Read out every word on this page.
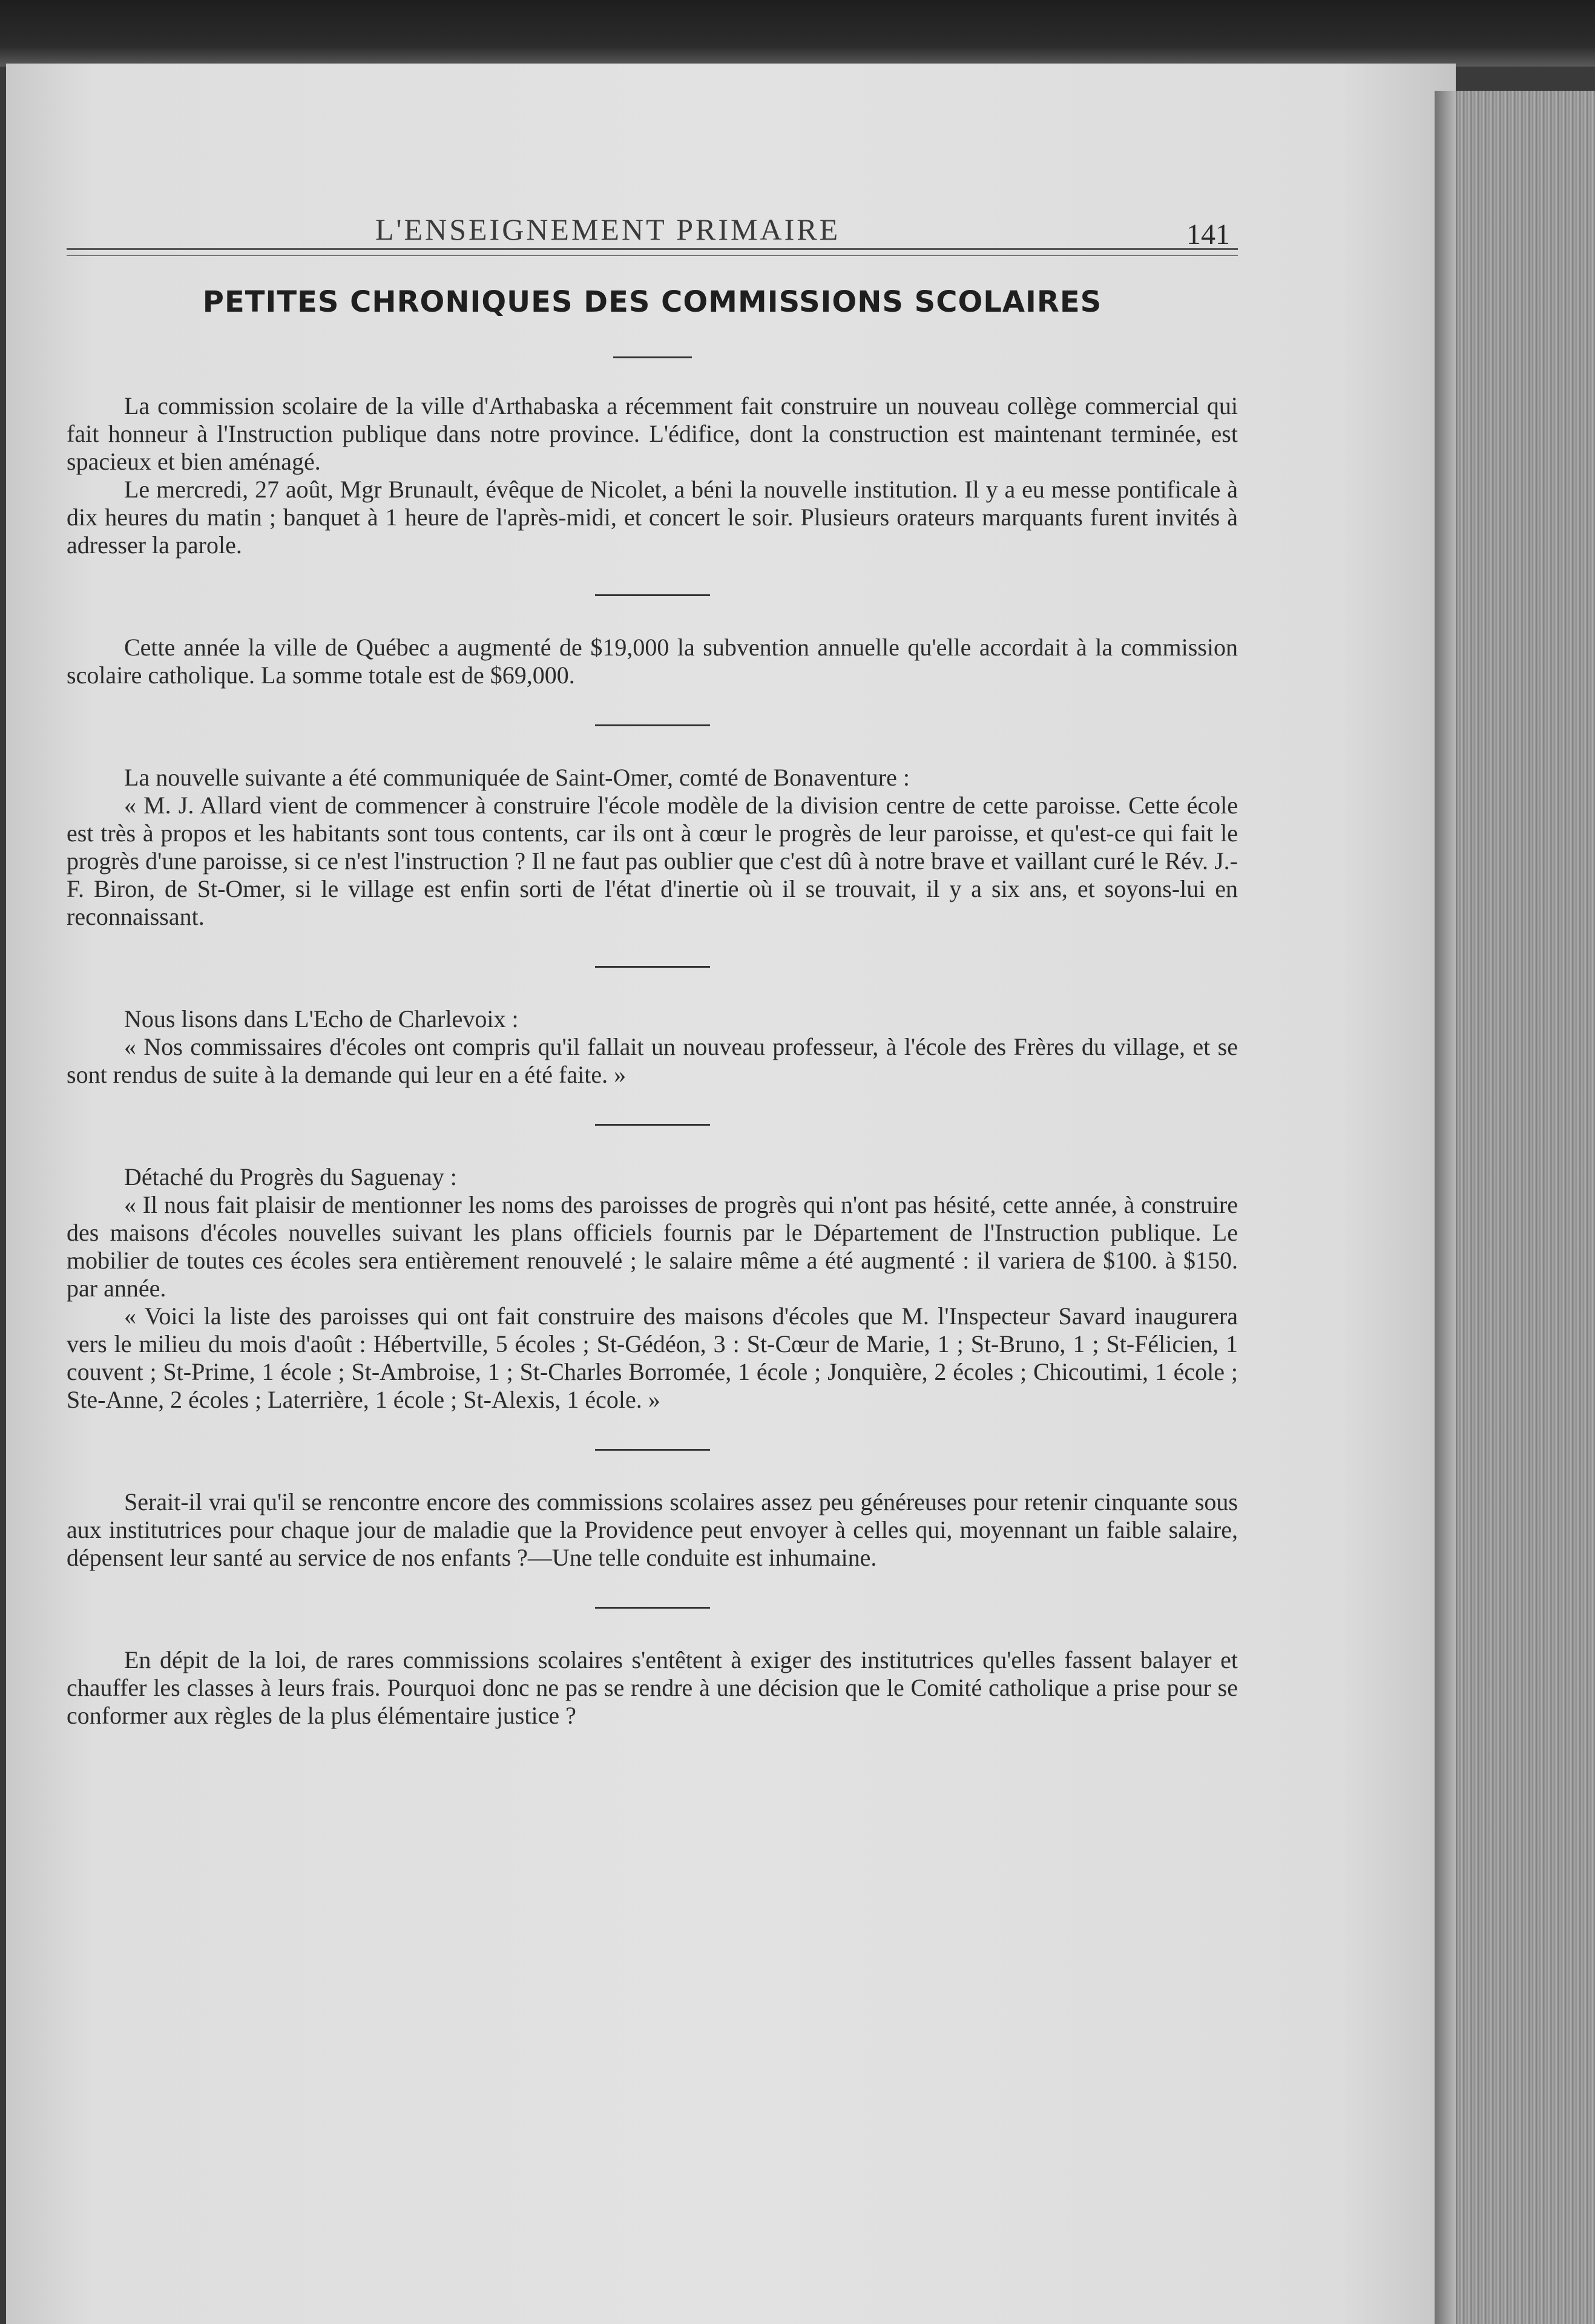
L'ENSEIGNEMENT PRIMAIRE	141
PETITES CHRONIQUES DES COMMISSIONS SCOLAIRES

La commission scolaire de la ville d'Arthabaska a récemment fait construire un nouveau collège commercial qui fait honneur à l'Instruction publique dans notre province. L'édifice, dont la construction est maintenant terminée, est spacieux et bien aménagé.

Le mercredi, 27 août, Mgr Brunault, évêque de Nicolet, a béni la nouvelle institution. Il y a eu messe pontificale à dix heures du matin ; banquet à 1 heure de l'après-midi, et concert le soir. Plusieurs orateurs marquants furent invités à adresser la parole.

Cette année la ville de Québec a augmenté de $19,000 la subvention annuelle qu'elle accordait à la commission scolaire catholique. La somme totale est de $69,000.

La nouvelle suivante a été communiquée de Saint-Omer, comté de Bonaventure :

« M. J. Allard vient de commencer à construire l'école modèle de la division centre de cette paroisse. Cette école est très à propos et les habitants sont tous contents, car ils ont à cœur le progrès de leur paroisse, et qu'est-ce qui fait le progrès d'une paroisse, si ce n'est l'instruction ? Il ne faut pas oublier que c'est dû à notre brave et vaillant curé le Rév. J.-F. Biron, de St-Omer, si le village est enfin sorti de l'état d'inertie où il se trouvait, il y a six ans, et soyons-lui en reconnaissant.

Nous lisons dans L'Echo de Charlevoix :

« Nos commissaires d'écoles ont compris qu'il fallait un nouveau professeur, à l'école des Frères du village, et se sont rendus de suite à la demande qui leur en a été faite. »

Détaché du Progrès du Saguenay :

« Il nous fait plaisir de mentionner les noms des paroisses de progrès qui n'ont pas hésité, cette année, à construire des maisons d'écoles nouvelles suivant les plans officiels fournis par le Département de l'Instruction publique. Le mobilier de toutes ces écoles sera entièrement renouvelé ; le salaire même a été augmenté : il variera de $100. à $150. par année.

« Voici la liste des paroisses qui ont fait construire des maisons d'écoles que M. l'Inspecteur Savard inaugurera vers le milieu du mois d'août : Hébertville, 5 écoles ; St-Gédéon, 3 : St-Cœur de Marie, 1 ; St-Bruno, 1 ; St-Félicien, 1 couvent ; St-Prime, 1 école ; St-Ambroise, 1 ; St-Charles Borromée, 1 école ; Jonquière, 2 écoles ; Chicoutimi, 1 école ; Ste-Anne, 2 écoles ; Laterrière, 1 école ; St-Alexis, 1 école. »

Serait-il vrai qu'il se rencontre encore des commissions scolaires assez peu généreuses pour retenir cinquante sous aux institutrices pour chaque jour de maladie que la Providence peut envoyer à celles qui, moyennant un faible salaire, dépensent leur santé au service de nos enfants ?—Une telle conduite est inhumaine.

En dépit de la loi, de rares commissions scolaires s'entêtent à exiger des institutrices qu'elles fassent balayer et chauffer les classes à leurs frais. Pourquoi donc ne pas se rendre à une décision que le Comité catholique a prise pour se conformer aux règles de la plus élémentaire justice ?
